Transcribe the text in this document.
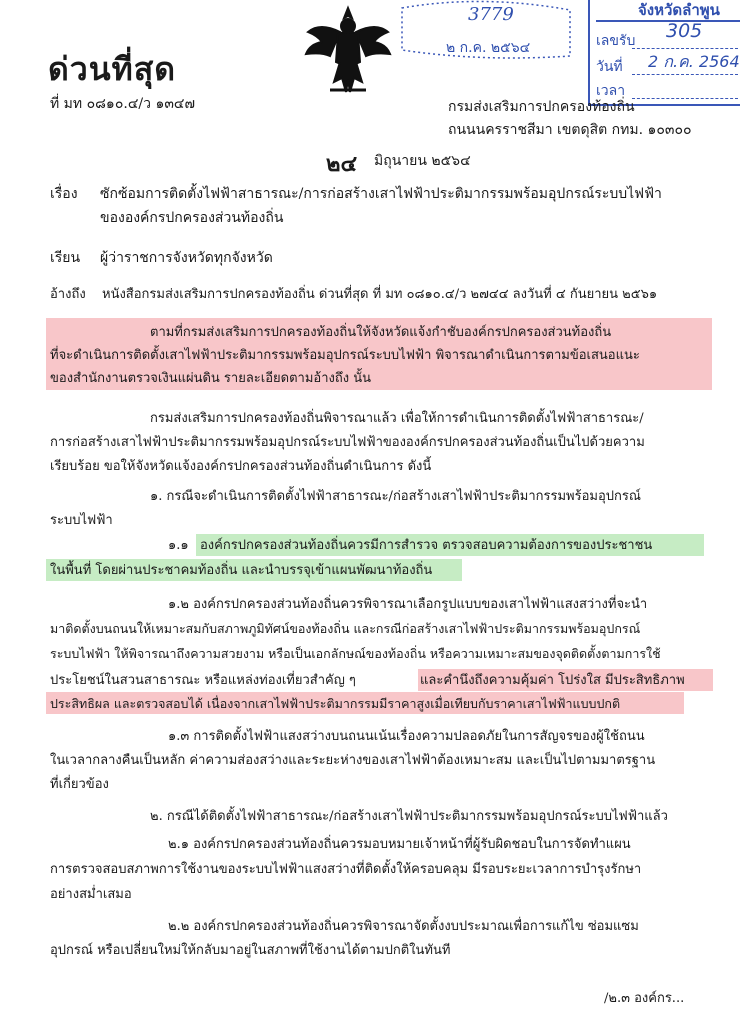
ด่วนที่สุด
3779
๒ ก.ค. ๒๕๖๔
จังหวัดลำพูน
เลขรับ 305
วันที่ 2 ก.ค. 2564
เวลา
ที่ มท ๐๘๑๐.๔/ว ๑๓๔๗	กรมส่งเสริมการปกครองท้องถิ่น
ถนนนครราชสีมา เขตดุสิต กทม. ๑๐๓๐๐
๒๔ มิถุนายน ๒๕๖๔
เรื่อง ซักซ้อมการติดตั้งไฟฟ้าสาธารณะ/การก่อสร้างเสาไฟฟ้าประติมากรรมพร้อมอุปกรณ์ระบบไฟฟ้า
ขององค์กรปกครองส่วนท้องถิ่น
เรียน ผู้ว่าราชการจังหวัดทุกจังหวัด
อ้างถึง หนังสือกรมส่งเสริมการปกครองท้องถิ่น ด่วนที่สุด ที่ มท ๐๘๑๐.๔/ว ๒๗๔๔ ลงวันที่ ๔ กันยายน ๒๕๖๑
ตามที่กรมส่งเสริมการปกครองท้องถิ่นให้จังหวัดแจ้งกำชับองค์กรปกครองส่วนท้องถิ่น
ที่จะดำเนินการติดตั้งเสาไฟฟ้าประติมากรรมพร้อมอุปกรณ์ระบบไฟฟ้า พิจารณาดำเนินการตามข้อเสนอแนะ
ของสำนักงานตรวจเงินแผ่นดิน รายละเอียดตามอ้างถึง นั้น
กรมส่งเสริมการปกครองท้องถิ่นพิจารณาแล้ว เพื่อให้การดำเนินการติดตั้งไฟฟ้าสาธารณะ/
การก่อสร้างเสาไฟฟ้าประติมากรรมพร้อมอุปกรณ์ระบบไฟฟ้าขององค์กรปกครองส่วนท้องถิ่นเป็นไปด้วยความ
เรียบร้อย ขอให้จังหวัดแจ้งองค์กรปกครองส่วนท้องถิ่นดำเนินการ ดังนี้
๑. กรณีจะดำเนินการติดตั้งไฟฟ้าสาธารณะ/ก่อสร้างเสาไฟฟ้าประติมากรรมพร้อมอุปกรณ์
ระบบไฟฟ้า
๑.๑ องค์กรปกครองส่วนท้องถิ่นควรมีการสำรวจ ตรวจสอบความต้องการของประชาชน
ในพื้นที่ โดยผ่านประชาคมท้องถิ่น และนำบรรจุเข้าแผนพัฒนาท้องถิ่น
๑.๒ องค์กรปกครองส่วนท้องถิ่นควรพิจารณาเลือกรูปแบบของเสาไฟฟ้าแสงสว่างที่จะนำ
มาติดตั้งบนถนนให้เหมาะสมกับสภาพภูมิทัศน์ของท้องถิ่น และกรณีก่อสร้างเสาไฟฟ้าประติมากรรมพร้อมอุปกรณ์
ระบบไฟฟ้า ให้พิจารณาถึงความสวยงาม หรือเป็นเอกลักษณ์ของท้องถิ่น หรือความเหมาะสมของจุดติดตั้งตามการใช้
ประโยชน์ในสวนสาธารณะ หรือแหล่งท่องเที่ยวสำคัญ ๆ	และคำนึงถึงความคุ้มค่า โปร่งใส มีประสิทธิภาพ
ประสิทธิผล และตรวจสอบได้ เนื่องจากเสาไฟฟ้าประติมากรรมมีราคาสูงเมื่อเทียบกับราคาเสาไฟฟ้าแบบปกติ
๑.๓ การติดตั้งไฟฟ้าแสงสว่างบนถนนเน้นเรื่องความปลอดภัยในการสัญจรของผู้ใช้ถนน
ในเวลากลางคืนเป็นหลัก ค่าความส่องสว่างและระยะห่างของเสาไฟฟ้าต้องเหมาะสม และเป็นไปตามมาตรฐาน
ที่เกี่ยวข้อง
๒. กรณีได้ติดตั้งไฟฟ้าสาธารณะ/ก่อสร้างเสาไฟฟ้าประติมากรรมพร้อมอุปกรณ์ระบบไฟฟ้าแล้ว
๒.๑ องค์กรปกครองส่วนท้องถิ่นควรมอบหมายเจ้าหน้าที่ผู้รับผิดชอบในการจัดทำแผน
การตรวจสอบสภาพการใช้งานของระบบไฟฟ้าแสงสว่างที่ติดตั้งให้ครอบคลุม มีรอบระยะเวลาการบำรุงรักษา
อย่างสม่ำเสมอ
๒.๒ องค์กรปกครองส่วนท้องถิ่นควรพิจารณาจัดตั้งงบประมาณเพื่อการแก้ไข ซ่อมแซม
อุปกรณ์ หรือเปลี่ยนใหม่ให้กลับมาอยู่ในสภาพที่ใช้งานได้ตามปกติในทันที
/๒.๓ องค์กร...
